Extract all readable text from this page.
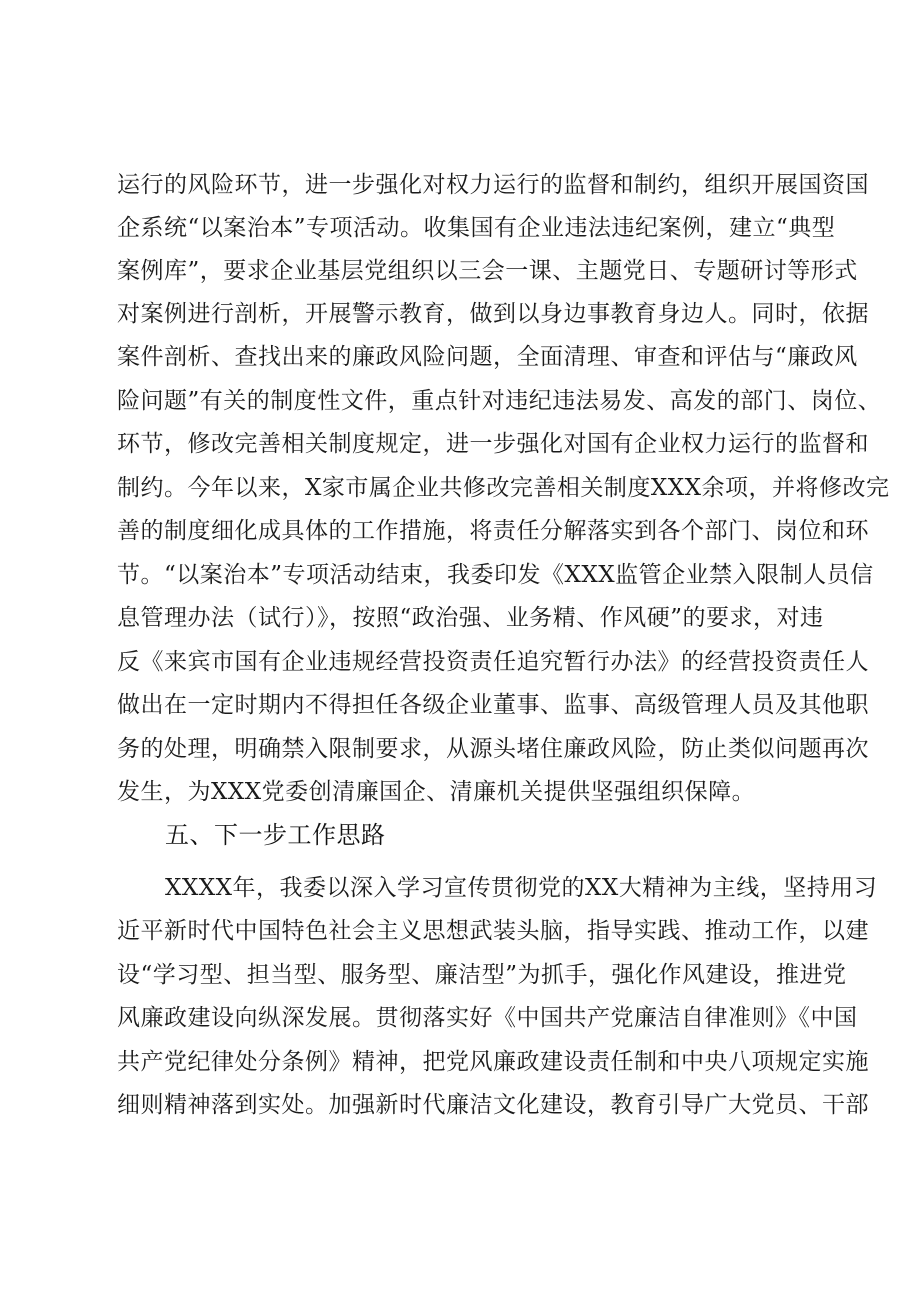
运行的风险环节，进一步强化对权力运行的监督和制约，组织开展国资国
企系统“以案治本”专项活动。收集国有企业违法违纪案例，建立“典型
案例库”，要求企业基层党组织以三会一课、主题党日、专题研讨等形式
对案例进行剖析，开展警示教育，做到以身边事教育身边人。同时，依据
案件剖析、查找出来的廉政风险问题，全面清理、审查和评估与“廉政风
险问题”有关的制度性文件，重点针对违纪违法易发、高发的部门、岗位、
环节，修改完善相关制度规定，进一步强化对国有企业权力运行的监督和
制约。今年以来，X家市属企业共修改完善相关制度XXX余项，并将修改完
善的制度细化成具体的工作措施，将责任分解落实到各个部门、岗位和环
节。“以案治本”专项活动结束，我委印发《XXX监管企业禁入限制人员信
息管理办法（试行）》，按照“政治强、业务精、作风硬”的要求，对违
反《来宾市国有企业违规经营投资责任追究暂行办法》的经营投资责任人
做出在一定时期内不得担任各级企业董事、监事、高级管理人员及其他职
务的处理，明确禁入限制要求，从源头堵住廉政风险，防止类似问题再次
发生，为XXX党委创清廉国企、清廉机关提供坚强组织保障。
五、下一步工作思路
XXXX年，我委以深入学习宣传贯彻党的XX大精神为主线，坚持用习
近平新时代中国特色社会主义思想武装头脑，指导实践、推动工作，以建
设“学习型、担当型、服务型、廉洁型”为抓手，强化作风建设，推进党
风廉政建设向纵深发展。贯彻落实好《中国共产党廉洁自律准则》《中国
共产党纪律处分条例》精神，把党风廉政建设责任制和中央八项规定实施
细则精神落到实处。加强新时代廉洁文化建设，教育引导广大党员、干部
